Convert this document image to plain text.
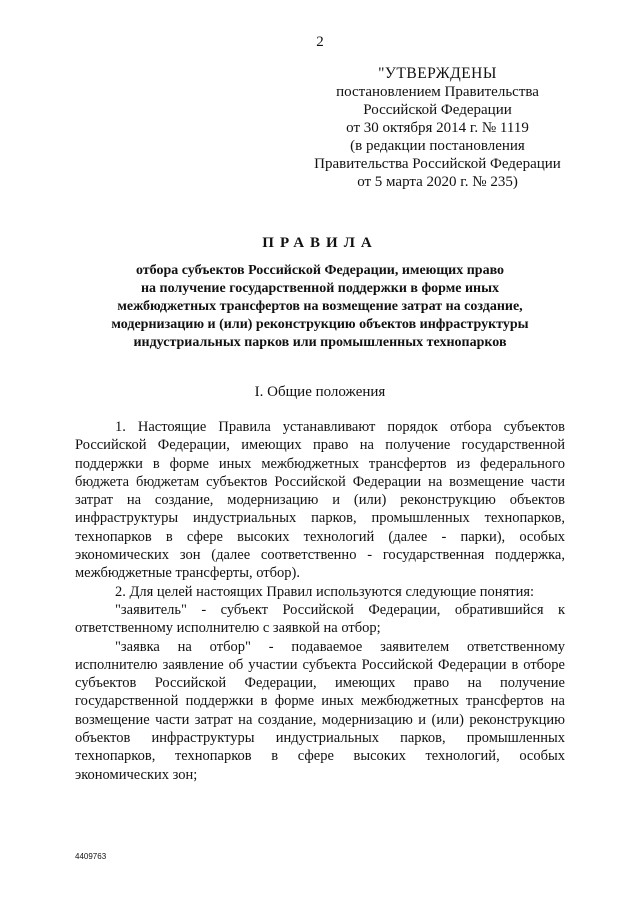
2
"УТВЕРЖДЕНЫ
постановлением Правительства
Российской Федерации
от 30 октября 2014 г. № 1119
(в редакции постановления
Правительства Российской Федерации
от 5 марта 2020 г. № 235)
ПРАВИЛА
отбора субъектов Российской Федерации, имеющих право
на получение государственной поддержки в форме иных
межбюджетных трансфертов на возмещение затрат на создание,
модернизацию и (или) реконструкцию объектов инфраструктуры
индустриальных парков или промышленных технопарков
I. Общие положения

1. Настоящие Правила устанавливают порядок отбора субъектов Российской Федерации, имеющих право на получение государственной поддержки в форме иных межбюджетных трансфертов из федерального бюджета бюджетам субъектов Российской Федерации на возмещение части затрат на создание, модернизацию и (или) реконструкцию объектов инфраструктуры индустриальных парков, промышленных технопарков, технопарков в сфере высоких технологий (далее - парки), особых экономических зон (далее соответственно - государственная поддержка, межбюджетные трансферты, отбор).

2. Для целей настоящих Правил используются следующие понятия:

"заявитель" - субъект Российской Федерации, обратившийся к ответственному исполнителю с заявкой на отбор;

"заявка на отбор" - подаваемое заявителем ответственному исполнителю заявление об участии субъекта Российской Федерации в отборе субъектов Российской Федерации, имеющих право на получение государственной поддержки в форме иных межбюджетных трансфертов на возмещение части затрат на создание, модернизацию и (или) реконструкцию объектов инфраструктуры индустриальных парков, промышленных технопарков, технопарков в сфере высоких технологий, особых экономических зон;

4409763
